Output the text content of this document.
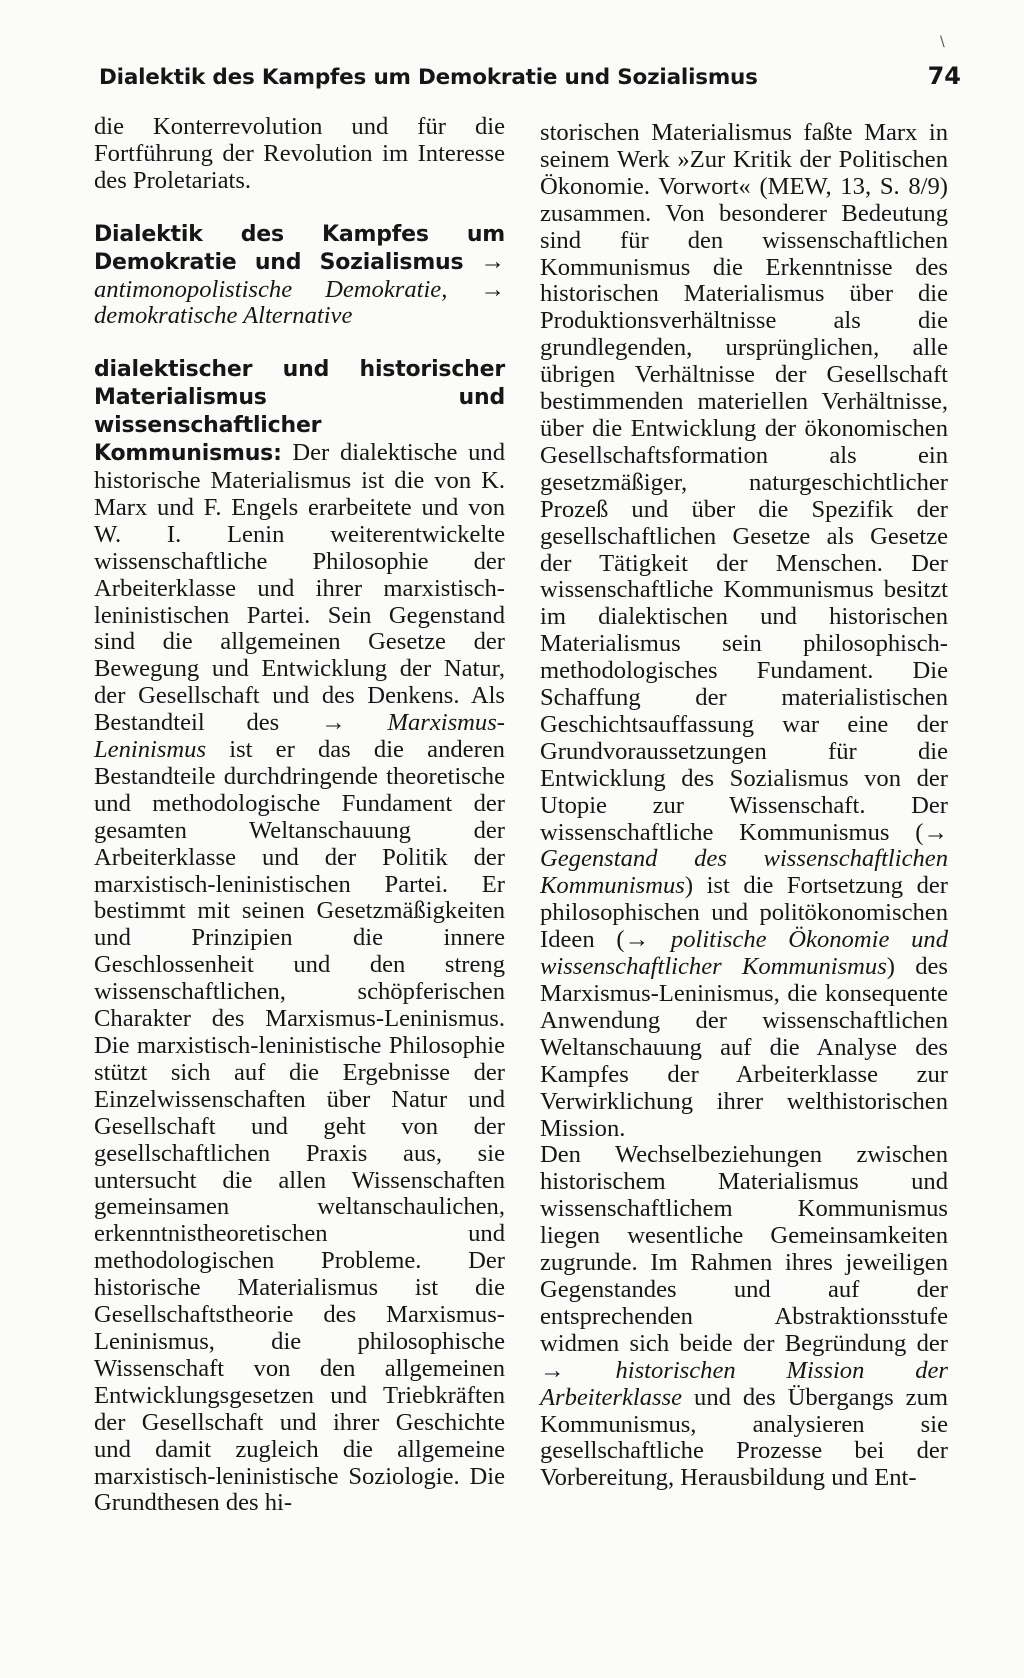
Dialektik des Kampfes um Demokratie und Sozialismus	74

die Konterrevolution und für die Fortführung der Revolution im Interesse des Proletariats.

Dialektik des Kampfes um Demokratie und Sozialismus → antimonopolistische Demokratie, → demokratische Alternative

dialektischer und historischer Materialismus und wissenschaftlicher Kommunismus: Der dialektische und historische Materialismus ist die von K. Marx und F. Engels erarbeitete und von W. I. Lenin weiterentwickelte wissenschaftliche Philosophie der Arbeiterklasse und ihrer marxistisch-leninistischen Partei. Sein Gegenstand sind die allgemeinen Gesetze der Bewegung und Entwicklung der Natur, der Gesellschaft und des Denkens. Als Bestandteil des → Marxismus-Leninismus ist er das die anderen Bestandteile durchdringende theoretische und methodologische Fundament der gesamten Weltanschauung der Arbeiterklasse und der Politik der marxistisch-leninistischen Partei. Er bestimmt mit seinen Gesetzmäßigkeiten und Prinzipien die innere Geschlossenheit und den streng wissenschaftlichen, schöpferischen Charakter des Marxismus-Leninismus. Die marxistisch-leninistische Philosophie stützt sich auf die Ergebnisse der Einzelwissenschaften über Natur und Gesellschaft und geht von der gesellschaftlichen Praxis aus, sie untersucht die allen Wissenschaften gemeinsamen weltanschaulichen, erkenntnistheoretischen und methodologischen Probleme. Der historische Materialismus ist die Gesellschaftstheorie des Marxismus-Leninismus, die philosophische Wissenschaft von den allgemeinen Entwicklungsgesetzen und Triebkräften der Gesellschaft und ihrer Geschichte und damit zugleich die allgemeine marxistisch-leninistische Soziologie. Die Grundthesen des hi-

storischen Materialismus faßte Marx in seinem Werk »Zur Kritik der Politischen Ökonomie. Vorwort« (MEW, 13, S. 8/9) zusammen. Von besonderer Bedeutung sind für den wissenschaftlichen Kommunismus die Erkenntnisse des historischen Materialismus über die Produktionsverhältnisse als die grundlegenden, ursprünglichen, alle übrigen Verhältnisse der Gesellschaft bestimmenden materiellen Verhältnisse, über die Entwicklung der ökonomischen Gesellschaftsformation als ein gesetzmäßiger, naturgeschichtlicher Prozeß und über die Spezifik der gesellschaftlichen Gesetze als Gesetze der Tätigkeit der Menschen. Der wissenschaftliche Kommunismus besitzt im dialektischen und historischen Materialismus sein philosophisch-methodologisches Fundament. Die Schaffung der materialistischen Geschichtsauffassung war eine der Grundvoraussetzungen für die Entwicklung des Sozialismus von der Utopie zur Wissenschaft. Der wissenschaftliche Kommunismus (→ Gegenstand des wissenschaftlichen Kommunismus) ist die Fortsetzung der philosophischen und politökonomischen Ideen (→ politische Ökonomie und wissenschaftlicher Kommunismus) des Marxismus-Leninismus, die konsequente Anwendung der wissenschaftlichen Weltanschauung auf die Analyse des Kampfes der Arbeiterklasse zur Verwirklichung ihrer welthistorischen Mission.

Den Wechselbeziehungen zwischen historischem Materialismus und wissenschaftlichem Kommunismus liegen wesentliche Gemeinsamkeiten zugrunde. Im Rahmen ihres jeweiligen Gegenstandes und auf der entsprechenden Abstraktionsstufe widmen sich beide der Begründung der → historischen Mission der Arbeiterklasse und des Übergangs zum Kommunismus, analysieren sie gesellschaftliche Prozesse bei der Vorbereitung, Herausbildung und Ent-

\
